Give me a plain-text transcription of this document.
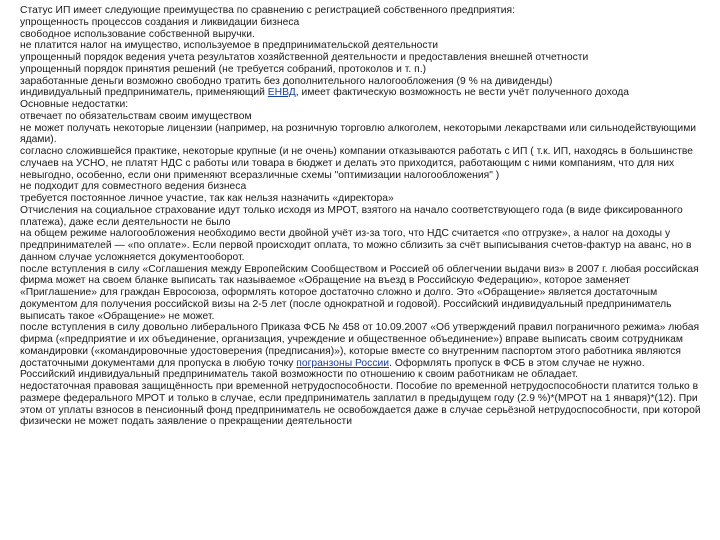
Статус ИП имеет следующие преимущества по сравнению с регистрацией собственного предприятия:

упрощенность процессов создания и ликвидации бизнеса

свободное использование собственной выручки.

не платится налог на имущество, используемое в предпринимательской деятельности

упрощенный порядок ведения учета результатов хозяйственной деятельности и предоставления внешней отчетности

упрощенный порядок принятия решений (не требуется собраний, протоколов и т. п.)

заработанные деньги возможно свободно тратить без дополнительного налогообложения (9 % на дивиденды)

индивидуальный предприниматель, применяющий ЕНВД, имеет фактическую возможность не вести учёт полученного дохода

Основные недостатки:

отвечает по обязательствам своим имуществом

не может получать некоторые лицензии (например, на розничную торговлю алкоголем, некоторыми лекарствами или сильнодействующими ядами).

согласно сложившейся практике, некоторые крупные (и не очень) компании отказываются работать с ИП ( т.к. ИП, находясь в большинстве случаев на УСНО, не платят НДС с работы или товара в бюджет и делать это приходится, работающим с ними компаниям, что для них невыгодно, особенно, если они применяют всеразличные схемы "оптимизации налогообложения" )

не подходит для совместного ведения бизнеса

требуется постоянное личное участие, так как нельзя назначить «директора»

Отчисления на социальное страхование идут только исходя из МРОТ, взятого на начало соответствующего года (в виде фиксированного платежа), даже если деятельности не было

на общем режиме налогообложения необходимо вести двойной учёт из-за того, что НДС считается «по отгрузке», а налог на доходы у предпринимателей — «по оплате». Если первой происходит оплата, то можно сблизить за счёт выписывания счетов-фактур на аванс, но в данном случае усложняется документооборот.

после вступления в силу «Соглашения между Европейским Сообществом и Россией об облегчении выдачи виз» в 2007 г. любая российская фирма может на своем бланке выписать так называемое «Обращение на въезд в Российскую Федерацию», которое заменяет «Приглашение» для граждан Евросоюза, оформлять которое достаточно сложно и долго. Это «Обращение» является достаточным документом для получения российской визы на 2-5 лет (после однократной и годовой). Российский индивидуальный предприниматель выписать такое «Обращение» не может.

после вступления в силу довольно либерального Приказа ФСБ № 458 от 10.09.2007 «Об утверждений правил пограничного режима» любая фирма («предприятие и их объединение, организация, учреждение и общественное объединение») вправе выписать своим сотрудникам командировки («командировочные удостоверения (предписания)»), которые вместе со внутренним паспортом этого работника являются достаточными документами для пропуска в любую точку погранзоны России. Оформлять пропуск в ФСБ в этом случае не нужно. Российский индивидуальный предприниматель такой возможности по отношению к своим работникам не обладает.

недостаточная правовая защищённость при временной нетрудоспособности. Пособие по временной нетрудоспособности платится только в размере федерального МРОТ и только в случае, если предприниматель заплатил в предыдущем году (2.9 %)*(МРОТ на 1 января)*(12). При этом от уплаты взносов в пенсионный фонд предприниматель не освобождается даже в случае серьёзной нетрудоспособности, при которой физически не может подать заявление о прекращении деятельности
